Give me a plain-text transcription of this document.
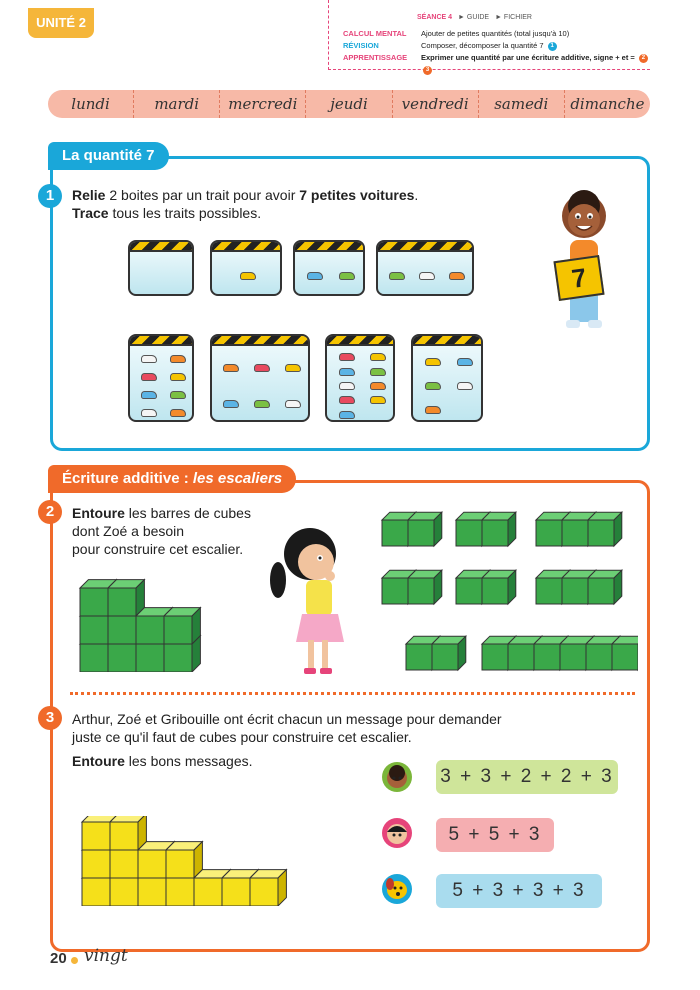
UNITÉ 2	SÉANCE 4 ► GUIDE ► FICHIER
CALCUL MENTAL Ajouter de petites quantités (total jusqu'à 10)
RÉVISION	Composer, décomposer la quantité 7 1
APPRENTISSAGE Exprimer une quantité par une écriture additive, signe + et = 23
lundi	mardi	mercredi	jeudi	vendredi	samedi	dimanche
La quantité 7
1	Relie 2 boites par un trait pour avoir 7 petites voitures.
Trace tous les traits possibles.
7
Écriture additive : les escaliers
2	Entoure les barres de cubes
dont Zoé a besoin
pour construire cet escalier.
3	Arthur, Zoé et Gribouille ont écrit chacun un message pour demander
juste ce qu'il faut de cubes pour construire cet escalier.
Entoure les bons messages.
3 + 3 + 2 + 2 + 3
5 + 5 + 3
5 + 3 + 3 + 3
20 vingt
